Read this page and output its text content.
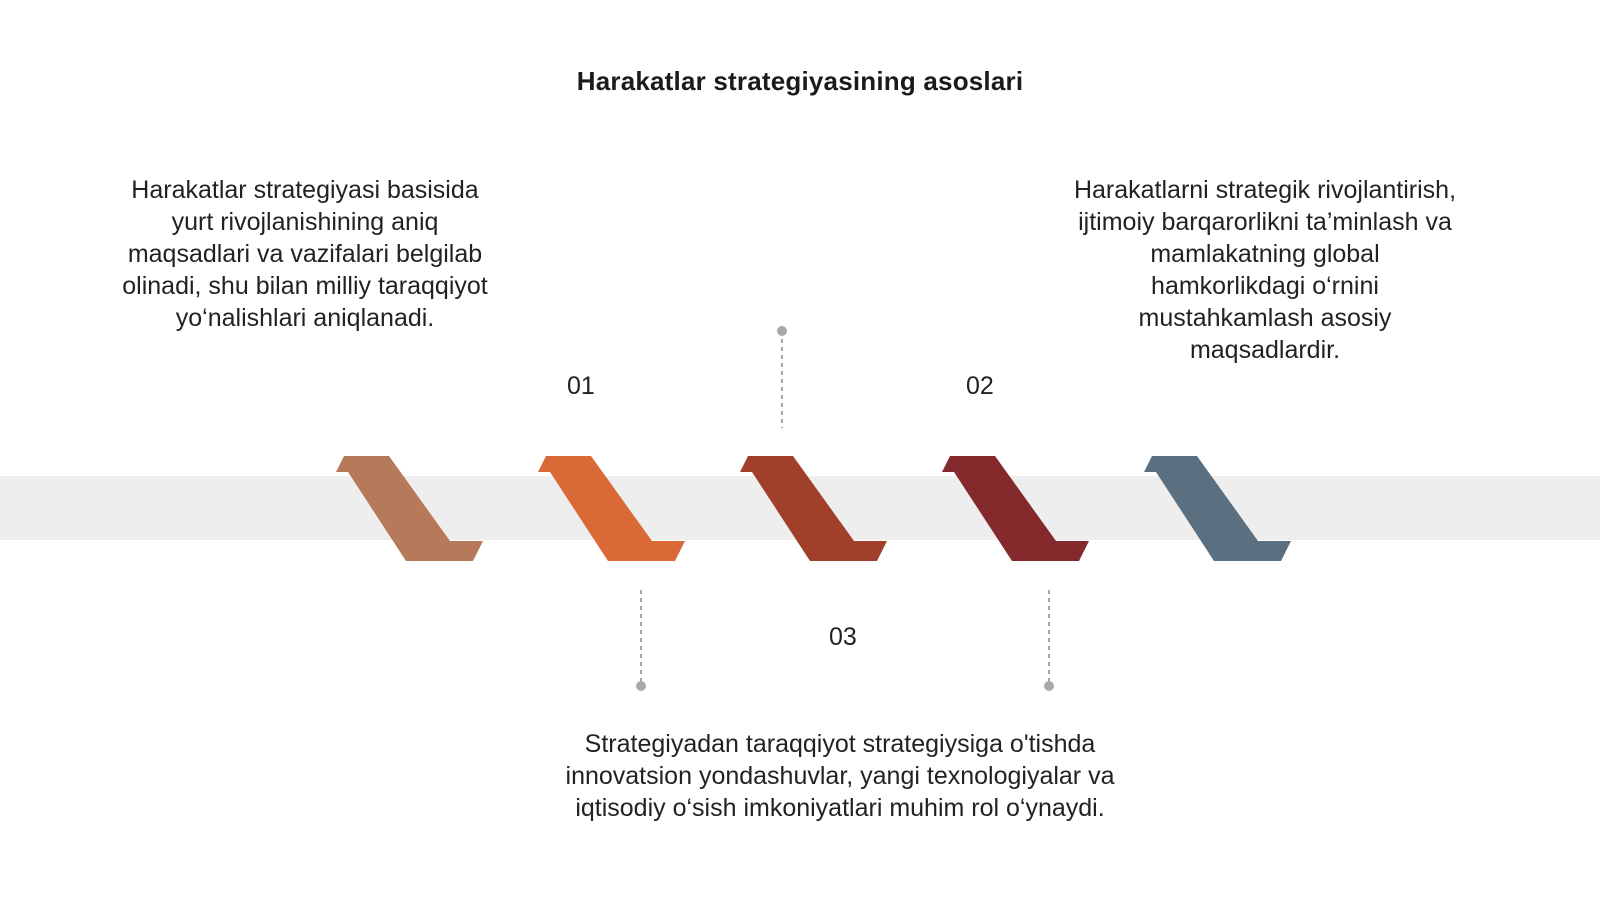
Harakatlar strategiyasining asoslari
Harakatlar strategiyasi basisida
yurt rivojlanishining aniq
maqsadlari va vazifalari belgilab
olinadi, shu bilan milliy taraqqiyot
yo‘nalishlari aniqlanadi.
Harakatlarni strategik rivojlantirish,
ijtimoiy barqarorlikni ta’minlash va
mamlakatning global
hamkorlikdagi o‘rnini
mustahkamlash asosiy
maqsadlardir.
Strategiyadan taraqqiyot strategiysiga o'tishda
innovatsion yondashuvlar, yangi texnologiyalar va
iqtisodiy o‘sish imkoniyatlari muhim rol o‘ynaydi.
01	02
03
